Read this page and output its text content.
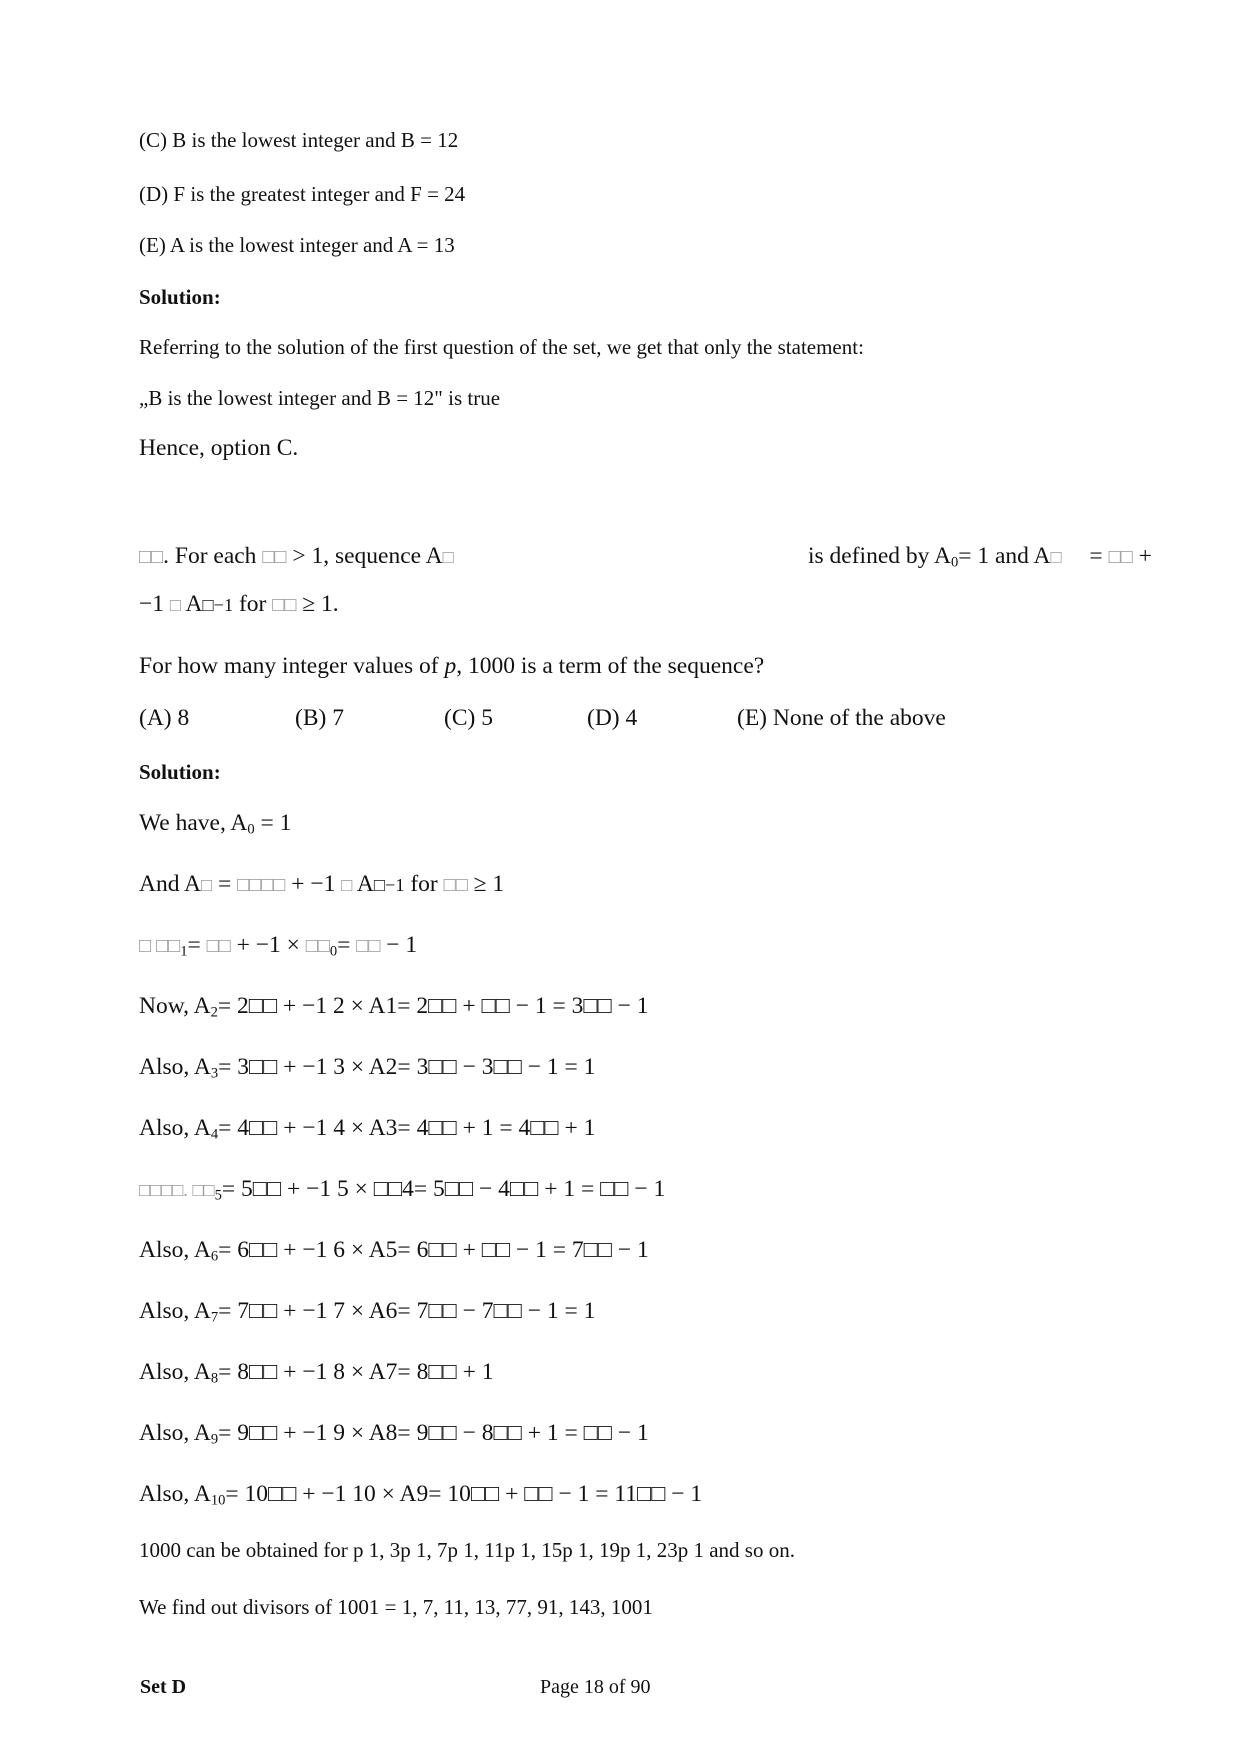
(C) B is the lowest integer and B = 12
(D) F is the greatest integer and F = 24
(E) A is the lowest integer and A = 13
Solution:
Referring to the solution of the first question of the set, we get that only the statement:
„B is the lowest integer and B = 12" is true
Hence, option C.
□□. For each □□ > 1, sequence A□	is defined by A0= 1 and A□ = □□ +
−1 □ A□−1 for □□ ≥ 1.
For how many integer values of p, 1000 is a term of the sequence?
(A) 8	(B) 7	(C) 5	(D) 4	(E) None of the above
Solution:
We have, A0 = 1
And A□ = □□□□ + −1 □ A□−1 for □□ ≥ 1
□ □□1= □□ + −1 × □□0= □□ − 1
Now, A2= 2□□ + −1 2 × A1= 2□□ + □□ − 1 = 3□□ − 1
Also, A3= 3□□ + −1 3 × A2= 3□□ − 3□□ − 1 = 1
Also, A4= 4□□ + −1 4 × A3= 4□□ + 1 = 4□□ + 1
□□□□. □□5= 5□□ + −1 5 × □□4= 5□□ − 4□□ + 1 = □□ − 1
Also, A6= 6□□ + −1 6 × A5= 6□□ + □□ − 1 = 7□□ − 1
Also, A7= 7□□ + −1 7 × A6= 7□□ − 7□□ − 1 = 1
Also, A8= 8□□ + −1 8 × A7= 8□□ + 1
Also, A9= 9□□ + −1 9 × A8= 9□□ − 8□□ + 1 = □□ − 1
Also, A10= 10□□ + −1 10 × A9= 10□□ + □□ − 1 = 11□□ − 1
1000 can be obtained for p 1, 3p 1, 7p 1, 11p 1, 15p 1, 19p 1, 23p 1 and so on.
We find out divisors of 1001 = 1, 7, 11, 13, 77, 91, 143, 1001
Set D	Page 18 of 90
